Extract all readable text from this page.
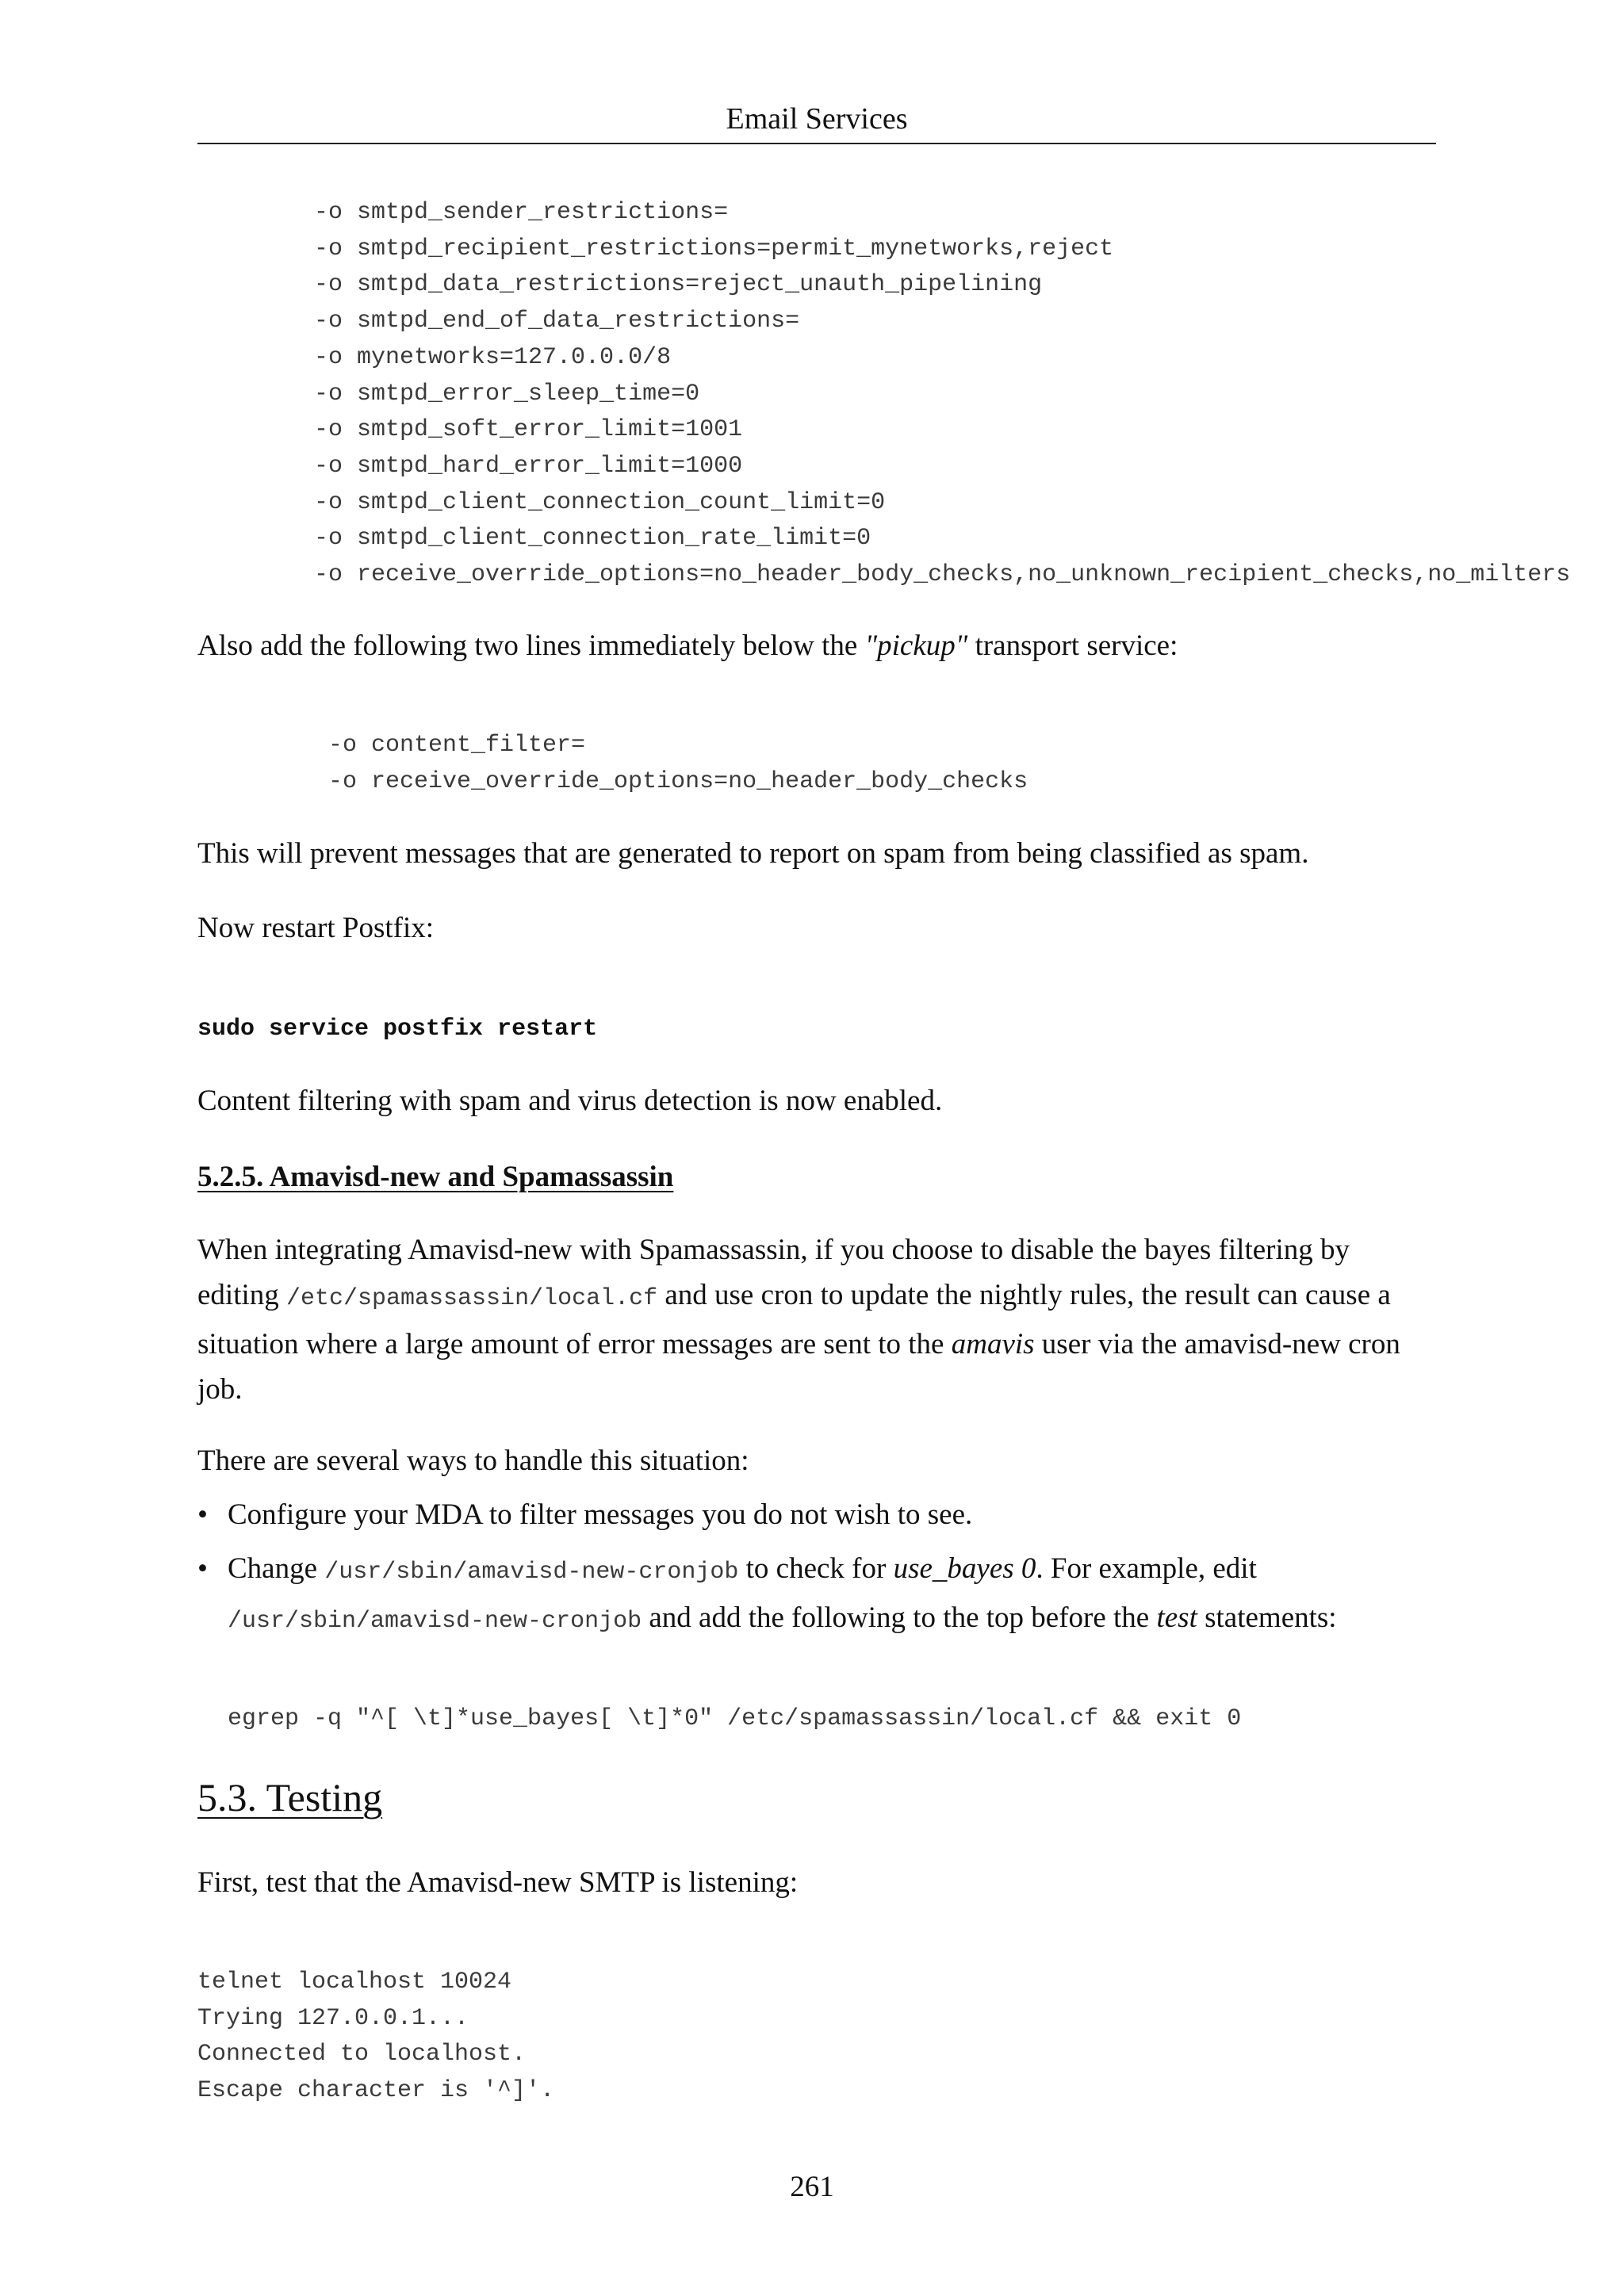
Email Services
-o smtpd_sender_restrictions=
-o smtpd_recipient_restrictions=permit_mynetworks,reject
-o smtpd_data_restrictions=reject_unauth_pipelining
-o smtpd_end_of_data_restrictions=
-o mynetworks=127.0.0.0/8
-o smtpd_error_sleep_time=0
-o smtpd_soft_error_limit=1001
-o smtpd_hard_error_limit=1000
-o smtpd_client_connection_count_limit=0
-o smtpd_client_connection_rate_limit=0
-o receive_override_options=no_header_body_checks,no_unknown_recipient_checks,no_milters

Also add the following two lines immediately below the "pickup" transport service:

-o content_filter=
-o receive_override_options=no_header_body_checks

This will prevent messages that are generated to report on spam from being classified as spam.

Now restart Postfix:

sudo service postfix restart

Content filtering with spam and virus detection is now enabled.

5.2.5. Amavisd-new and Spamassassin

When integrating Amavisd-new with Spamassassin, if you choose to disable the bayes filtering by editing /etc/spamassassin/local.cf and use cron to update the nightly rules, the result can cause a situation where a large amount of error messages are sent to the amavis user via the amavisd-new cron job.

There are several ways to handle this situation:

• Configure your MDA to filter messages you do not wish to see.
• Change /usr/sbin/amavisd-new-cronjob to check for use_bayes 0. For example, edit /usr/sbin/amavisd-new-cronjob and add the following to the top before the test statements:
egrep -q "^[ \t]*use_bayes[ \t]*0" /etc/spamassassin/local.cf && exit 0
5.3. Testing

First, test that the Amavisd-new SMTP is listening:

telnet localhost 10024
Trying 127.0.0.1...
Connected to localhost.
Escape character is '^]'.
261
